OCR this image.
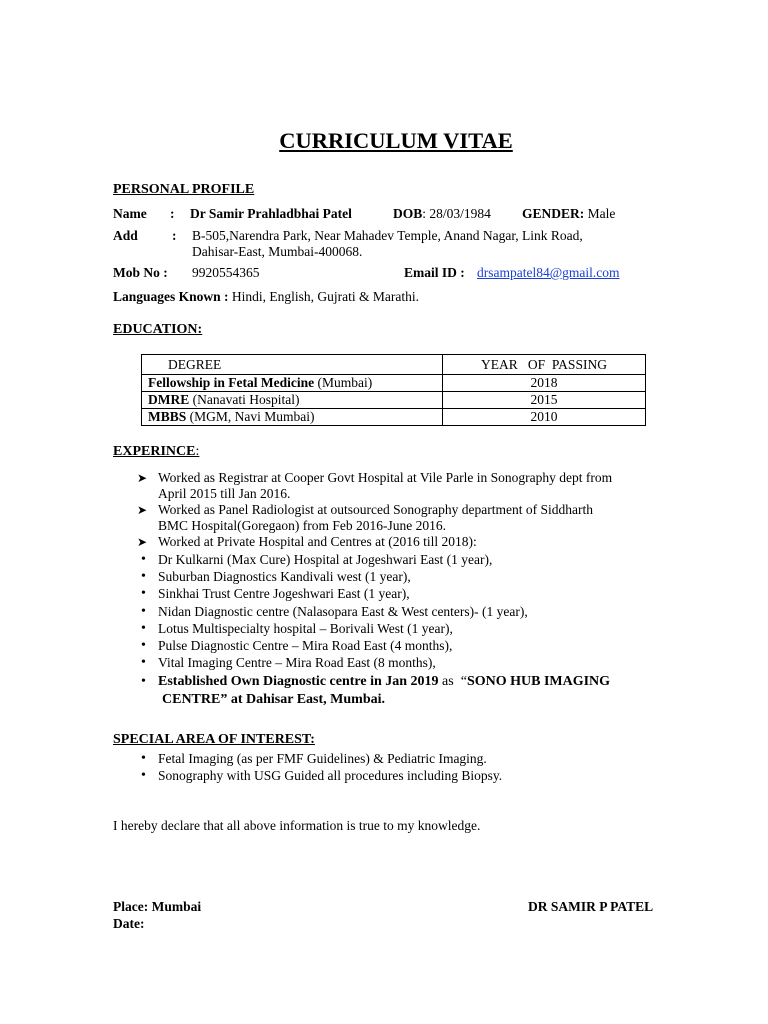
CURRICULUM VITAE
PERSONAL PROFILE
Name : Dr Samir Prahladbhai Patel	DOB: 28/03/1984 GENDER: Male
Add	: B-505,Narendra Park, Near Mahadev Temple, Anand Nagar, Link Road,
Dahisar-East, Mumbai-400068.
Mob No : 9920554365	Email ID : drsampatel84@gmail.com
Languages Known : Hindi, English, Gujrati & Marathi.
EDUCATION:
DEGREE	YEAR   OF  PASSING
Fellowship in Fetal Medicine (Mumbai)	2018
DMRE (Nanavati Hospital)	2015
MBBS (MGM, Navi Mumbai)	2010
EXPERINCE:
➤ Worked as Registrar at Cooper Govt Hospital at Vile Parle in Sonography dept from
April 2015 till Jan 2016.
➤ Worked as Panel Radiologist at outsourced Sonography department of Siddharth
BMC Hospital(Goregaon) from Feb 2016-June 2016.
➤ Worked at Private Hospital and Centres at (2016 till 2018):
• Dr Kulkarni (Max Cure) Hospital at Jogeshwari East (1 year),
• Suburban Diagnostics Kandivali west (1 year),
• Sinkhai Trust Centre Jogeshwari East (1 year),
• Nidan Diagnostic centre (Nalasopara East & West centers)- (1 year),
• Lotus Multispecialty hospital – Borivali West (1 year),
• Pulse Diagnostic Centre – Mira Road East (4 months),
• Vital Imaging Centre – Mira Road East (8 months),
• Established Own Diagnostic centre in Jan 2019 as  “SONO HUB IMAGING
CENTRE” at Dahisar East, Mumbai.
SPECIAL AREA OF INTEREST:
• Fetal Imaging (as per FMF Guidelines) & Pediatric Imaging.
• Sonography with USG Guided all procedures including Biopsy.
I hereby declare that all above information is true to my knowledge.
Place: Mumbai
Date:
DR SAMIR P PATEL
